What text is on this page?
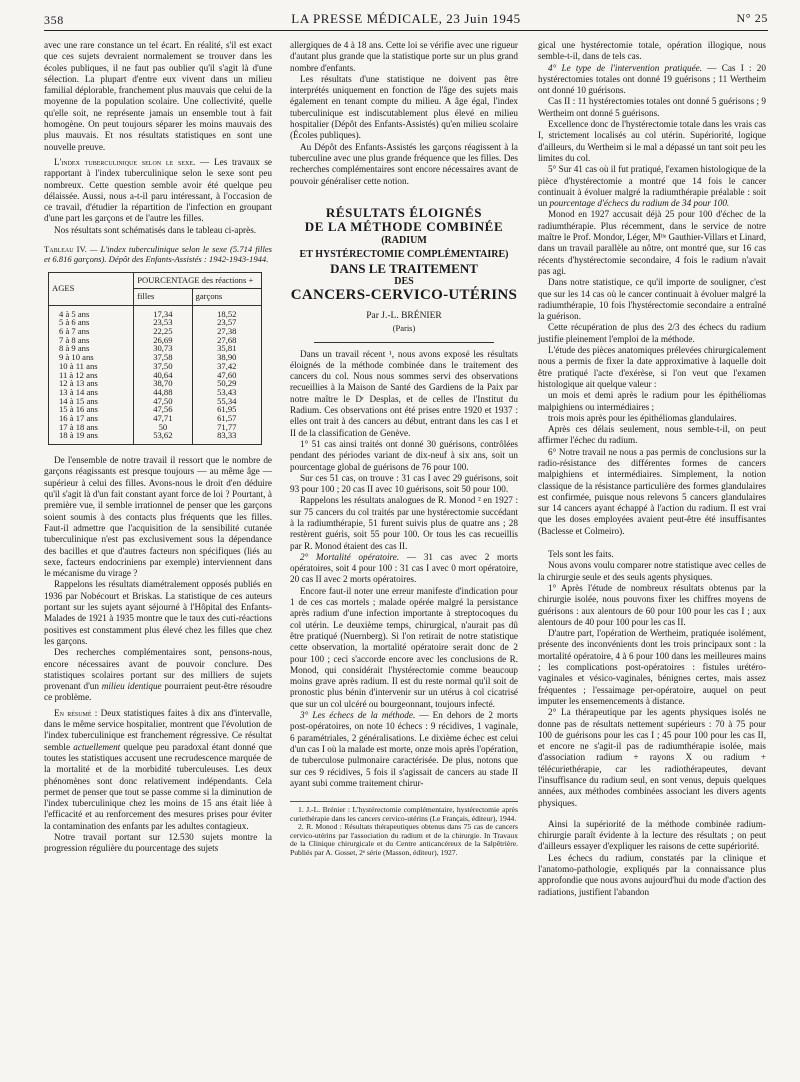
358	LA PRESSE MÉDICALE, 23 Juin 1945	N° 25

avec une rare constance un tel écart. En réalité, s'il est exact que ces sujets devraient normalement se trouver dans les écoles publiques, il ne faut pas oublier qu'il s'agit là d'une sélection. La plupart d'entre eux vivent dans un milieu familial déplorable, franchement plus mauvais que celui de la moyenne de la population scolaire. Une collectivité, quelle qu'elle soit, ne représente jamais un ensemble tout à fait homogène. On peut toujours séparer les moins mauvais des plus mauvais. Et nos résultats statistiques en sont une nouvelle preuve.

L'index tuberculinique selon le sexe. — Les travaux se rapportant à l'index tuberculinique selon le sexe sont peu nombreux. Cette question semble avoir été quelque peu délaissée. Aussi, nous a-t-il paru intéressant, à l'occasion de ce travail, d'étudier la répartition de l'infection en groupant d'une part les garçons et de l'autre les filles.

Nos résultats sont schématisés dans le tableau ci-après.

Tableau IV. — L'index tuberculinique selon le sexe (5.714 filles et 6.816 garçons). Dépôt des Enfants-Assistés : 1942-1943-1944.
AGES	POURCENTAGE des réactions +	
	filles	garçons
4 à 5 ans	17,34	18,52
5 à 6 ans	23,53	23,57
6 à 7 ans	22,25	27,38
7 à 8 ans	26,69	27,68
8 à 9 ans	30,73	35,81
9 à 10 ans	37,58	38,90
10 à 11 ans	37,50	37,42
11 à 12 ans	40,64	47,60
12 à 13 ans	38,70	50,29
13 à 14 ans	44,88	53,43
14 à 15 ans	47,50	55,34
15 à 16 ans	47,56	61,95
16 à 17 ans	47,71	61,57
17 à 18 ans	50	71,77
18 à 19 ans	53,62	83,33

De l'ensemble de notre travail il ressort que le nombre de garçons réagissants est presque toujours — au même âge — supérieur à celui des filles. Avons-nous le droit d'en déduire qu'il s'agit là d'un fait constant ayant force de loi ? Pourtant, à première vue, il semble irrationnel de penser que les garçons soient soumis à des contacts plus fréquents que les filles. Faut-il admettre que l'acquisition de la sensibilité cutanée tuberculinique n'est pas exclusivement sous la dépendance des bacilles et que d'autres facteurs non spécifiques (liés au sexe, facteurs endocriniens par exemple) interviennent dans le mécanisme du virage ?

Rappelons les résultats diamétralement opposés publiés en 1936 par Nobécourt et Briskas. La statistique de ces auteurs portant sur les sujets ayant séjourné à l'Hôpital des Enfants-Malades de 1921 à 1935 montre que le taux des cuti-réactions positives est constamment plus élevé chez les filles que chez les garçons.

Des recherches complémentaires sont, pensons-nous, encore nécessaires avant de pouvoir conclure. Des statistiques scolaires portant sur des milliers de sujets provenant d'un milieu identique pourraient peut-être résoudre ce problème.

En résumé : Deux statistiques faites à dix ans d'intervalle, dans le même service hospitalier, montrent que l'évolution de l'index tuberculinique est franchement régressive. Ce résultat semble actuellement quelque peu paradoxal étant donné que toutes les statistiques accusent une recrudescence marquée de la mortalité et de la morbidité tuberculeuses. Les deux phénomènes sont donc relativement indépendants. Cela permet de penser que tout se passe comme si la diminution de l'index tuberculinique chez les moins de 15 ans était liée à l'efficacité et au renforcement des mesures prises pour éviter la contamination des enfants par les adultes contagieux.

Notre travail portant sur 12.530 sujets montre la progression régulière du pourcentage des sujets

allergiques de 4 à 18 ans. Cette loi se vérifie avec une rigueur d'autant plus grande que la statistique porte sur un plus grand nombre d'enfants.

Les résultats d'une statistique ne doivent pas être interprétés uniquement en fonction de l'âge des sujets mais également en tenant compte du milieu. A âge égal, l'index tuberculinique est indiscutablement plus élevé en milieu hospitalier (Dépôt des Enfants-Assistés) qu'en milieu scolaire (Écoles publiques).

Au Dépôt des Enfants-Assistés les garçons réagissent à la tuberculine avec une plus grande fréquence que les filles. Des recherches complémentaires sont encore nécessaires avant de pouvoir généraliser cette notion.

RÉSULTATS ÉLOIGNÉS
DE LA MÉTHODE COMBINÉE
(RADIUM
ET HYSTÉRECTOMIE COMPLÉMENTAIRE)
DANS LE TRAITEMENT
DES
CANCERS-CERVICO-UTÉRINS
Par J.-L. BRÉNIER
(Paris)

Dans un travail récent ¹, nous avons exposé les résultats éloignés de la méthode combinée dans le traitement des cancers du col. Nous nous sommes servi des observations recueillies à la Maison de Santé des Gardiens de la Paix par notre maître le Dʳ Desplas, et de celles de l'Institut du Radium. Ces observations ont été prises entre 1920 et 1937 : elles ont trait à des cancers au début, entrant dans les cas I et II de la classification de Genève.

1° 51 cas ainsi traités ont donné 30 guérisons, contrôlées pendant des périodes variant de dix-neuf à six ans, soit un pourcentage global de guérisons de 76 pour 100.

Sur ces 51 cas, on trouve : 31 cas I avec 29 guérisons, soit 93 pour 100 ; 20 cas II avec 10 guérisons, soit 50 pour 100.

Rappelons les résultats analogues de R. Monod ² en 1927 : sur 75 cancers du col traités par une hystérectomie succédant à la radiumthérapie, 51 furent suivis plus de quatre ans ; 28 restèrent guéris, soit 55 pour 100. Or tous les cas recueillis par R. Monod étaient des cas II.

2° Mortalité opératoire. — 31 cas avec 2 morts opératoires, soit 4 pour 100 : 31 cas I avec 0 mort opératoire, 20 cas II avec 2 morts opératoires.

Encore faut-il noter une erreur manifeste d'indication pour 1 de ces cas mortels ; malade opérée malgré la persistance après radium d'une infection importante à streptocoques du col utérin. Le deuxième temps, chirurgical, n'aurait pas dû être pratiqué (Nuernberg). Si l'on retirait de notre statistique cette observation, la mortalité opératoire serait donc de 2 pour 100 ; ceci s'accorde encore avec les conclusions de R. Monod, qui considérait l'hystérectomie comme beaucoup moins grave après radium. Il est du reste normal qu'il soit de pronostic plus bénin d'intervenir sur un utérus à col cicatrisé que sur un col ulcéré ou bourgeonnant, toujours infecté.

3° Les échecs de la méthode. — En dehors de 2 morts post-opératoires, on note 10 échecs : 9 récidives, 1 vaginale, 6 paramétriales, 2 généralisations. Le dixième échec est celui d'un cas I où la malade est morte, onze mois après l'opération, de tuberculose pulmonaire caractérisée. De plus, notons que sur ces 9 récidives, 5 fois il s'agissait de cancers au stade II ayant subi comme traitement chirur-

1. J.-L. Brénier : L'hystérectomie complémentaire, hystérectomie après curiethérapie dans les cancers cervico-utérins (Le Français, éditeur), 1944.

2. R. Monod : Résultats thérapeutiques obtenus dans 75 cas de cancers cervico-utérins par l'association du radium et de la chirurgie. In Travaux de la Clinique chirurgicale et du Centre anticancéreux de la Salpêtrière. Publiés par A. Gosset, 2ᵉ série (Masson, éditeur), 1927.

gical une hystérectomie totale, opération illogique, nous semble-t-il, dans de tels cas.

4° Le type de l'intervention pratiquée. — Cas I : 20 hystérectomies totales ont donné 19 guérisons ; 11 Wertheim ont donné 10 guérisons.

Cas II : 11 hystérectomies totales ont donné 5 guérisons ; 9 Wertheim ont donné 5 guérisons.

Excellence donc de l'hystérectomie totale dans les vrais cas I, strictement localisés au col utérin. Supériorité, logique d'ailleurs, du Wertheim si le mal a dépassé un tant soit peu les limites du col.

5° Sur 41 cas où il fut pratiqué, l'examen histologique de la pièce d'hystérectomie a montré que 14 fois le cancer continuait à évoluer malgré la radiumthérapie préalable : soit un pourcentage d'échecs du radium de 34 pour 100.

Monod en 1927 accusait déjà 25 pour 100 d'échec de la radiumthérapie. Plus récemment, dans le service de notre maître le Prof. Mondor, Léger, Mˡˡᵉ Gauthier-Villars et Linard, dans un travail parallèle au nôtre, ont montré que, sur 16 cas récents d'hystérectomie secondaire, 4 fois le radium n'avait pas agi.

Dans notre statistique, ce qu'il importe de souligner, c'est que sur les 14 cas où le cancer continuait à évoluer malgré la radiumthérapie, 10 fois l'hystérectomie secondaire a entraîné la guérison.

Cette récupération de plus des 2/3 des échecs du radium justifie pleinement l'emploi de la méthode.

L'étude des pièces anatomiques prélevées chirurgicalement nous a permis de fixer la date approximative à laquelle doit être pratiqué l'acte d'exérèse, si l'on veut que l'examen histologique ait quelque valeur :

un mois et demi après le radium pour les épithéliomas malpighiens ou intermédiaires ;

trois mois après pour les épithéliomas glandulaires.

Après ces délais seulement, nous semble-t-il, on peut affirmer l'échec du radium.

6° Notre travail ne nous a pas permis de conclusions sur la radio-résistance des différentes formes de cancers malpighiens et intermédiaires. Simplement, la notion classique de la résistance particulière des formes glandulaires est confirmée, puisque nous relevons 5 cancers glandulaires sur 14 cancers ayant échappé à l'action du radium. Il est vrai que les doses employées avaient peut-être été insuffisantes (Baclesse et Colmeiro).

Tels sont les faits.

Nous avons voulu comparer notre statistique avec celles de la chirurgie seule et des seuls agents physiques.

1° Après l'étude de nombreux résultats obtenus par la chirurgie isolée, nous pouvons fixer les chiffres moyens de guérisons : aux alentours de 60 pour 100 pour les cas I ; aux alentours de 40 pour 100 pour les cas II.

D'autre part, l'opération de Wertheim, pratiquée isolément, présente des inconvénients dont les trois principaux sont : la mortalité opératoire, 4 à 6 pour 100 dans les meilleures mains ; les complications post-opératoires : fistules urétéro-vaginales et vésico-vaginales, bénignes certes, mais assez fréquentes ; l'essaimage per-opératoire, auquel on peut imputer les ensemencements à distance.

2° La thérapeutique par les agents physiques isolés ne donne pas de résultats nettement supérieurs : 70 à 75 pour 100 de guérisons pour les cas I ; 45 pour 100 pour les cas II, et encore ne s'agit-il pas de radiumthérapie isolée, mais d'association radium + rayons X ou radium + télécuriethérapie, car les radiothérapeutes, devant l'insuffisance du radium seul, en sont venus, depuis quelques années, aux méthodes combinées associant les divers agents physiques.

Ainsi la supériorité de la méthode combinée radium-chirurgie paraît évidente à la lecture des résultats ; on peut d'ailleurs essayer d'expliquer les raisons de cette supériorité.

Les échecs du radium, constatés par la clinique et l'anatomo-pathologie, expliqués par la connaissance plus approfondie que nous avons aujourd'hui du mode d'action des radiations, justifient l'abandon
